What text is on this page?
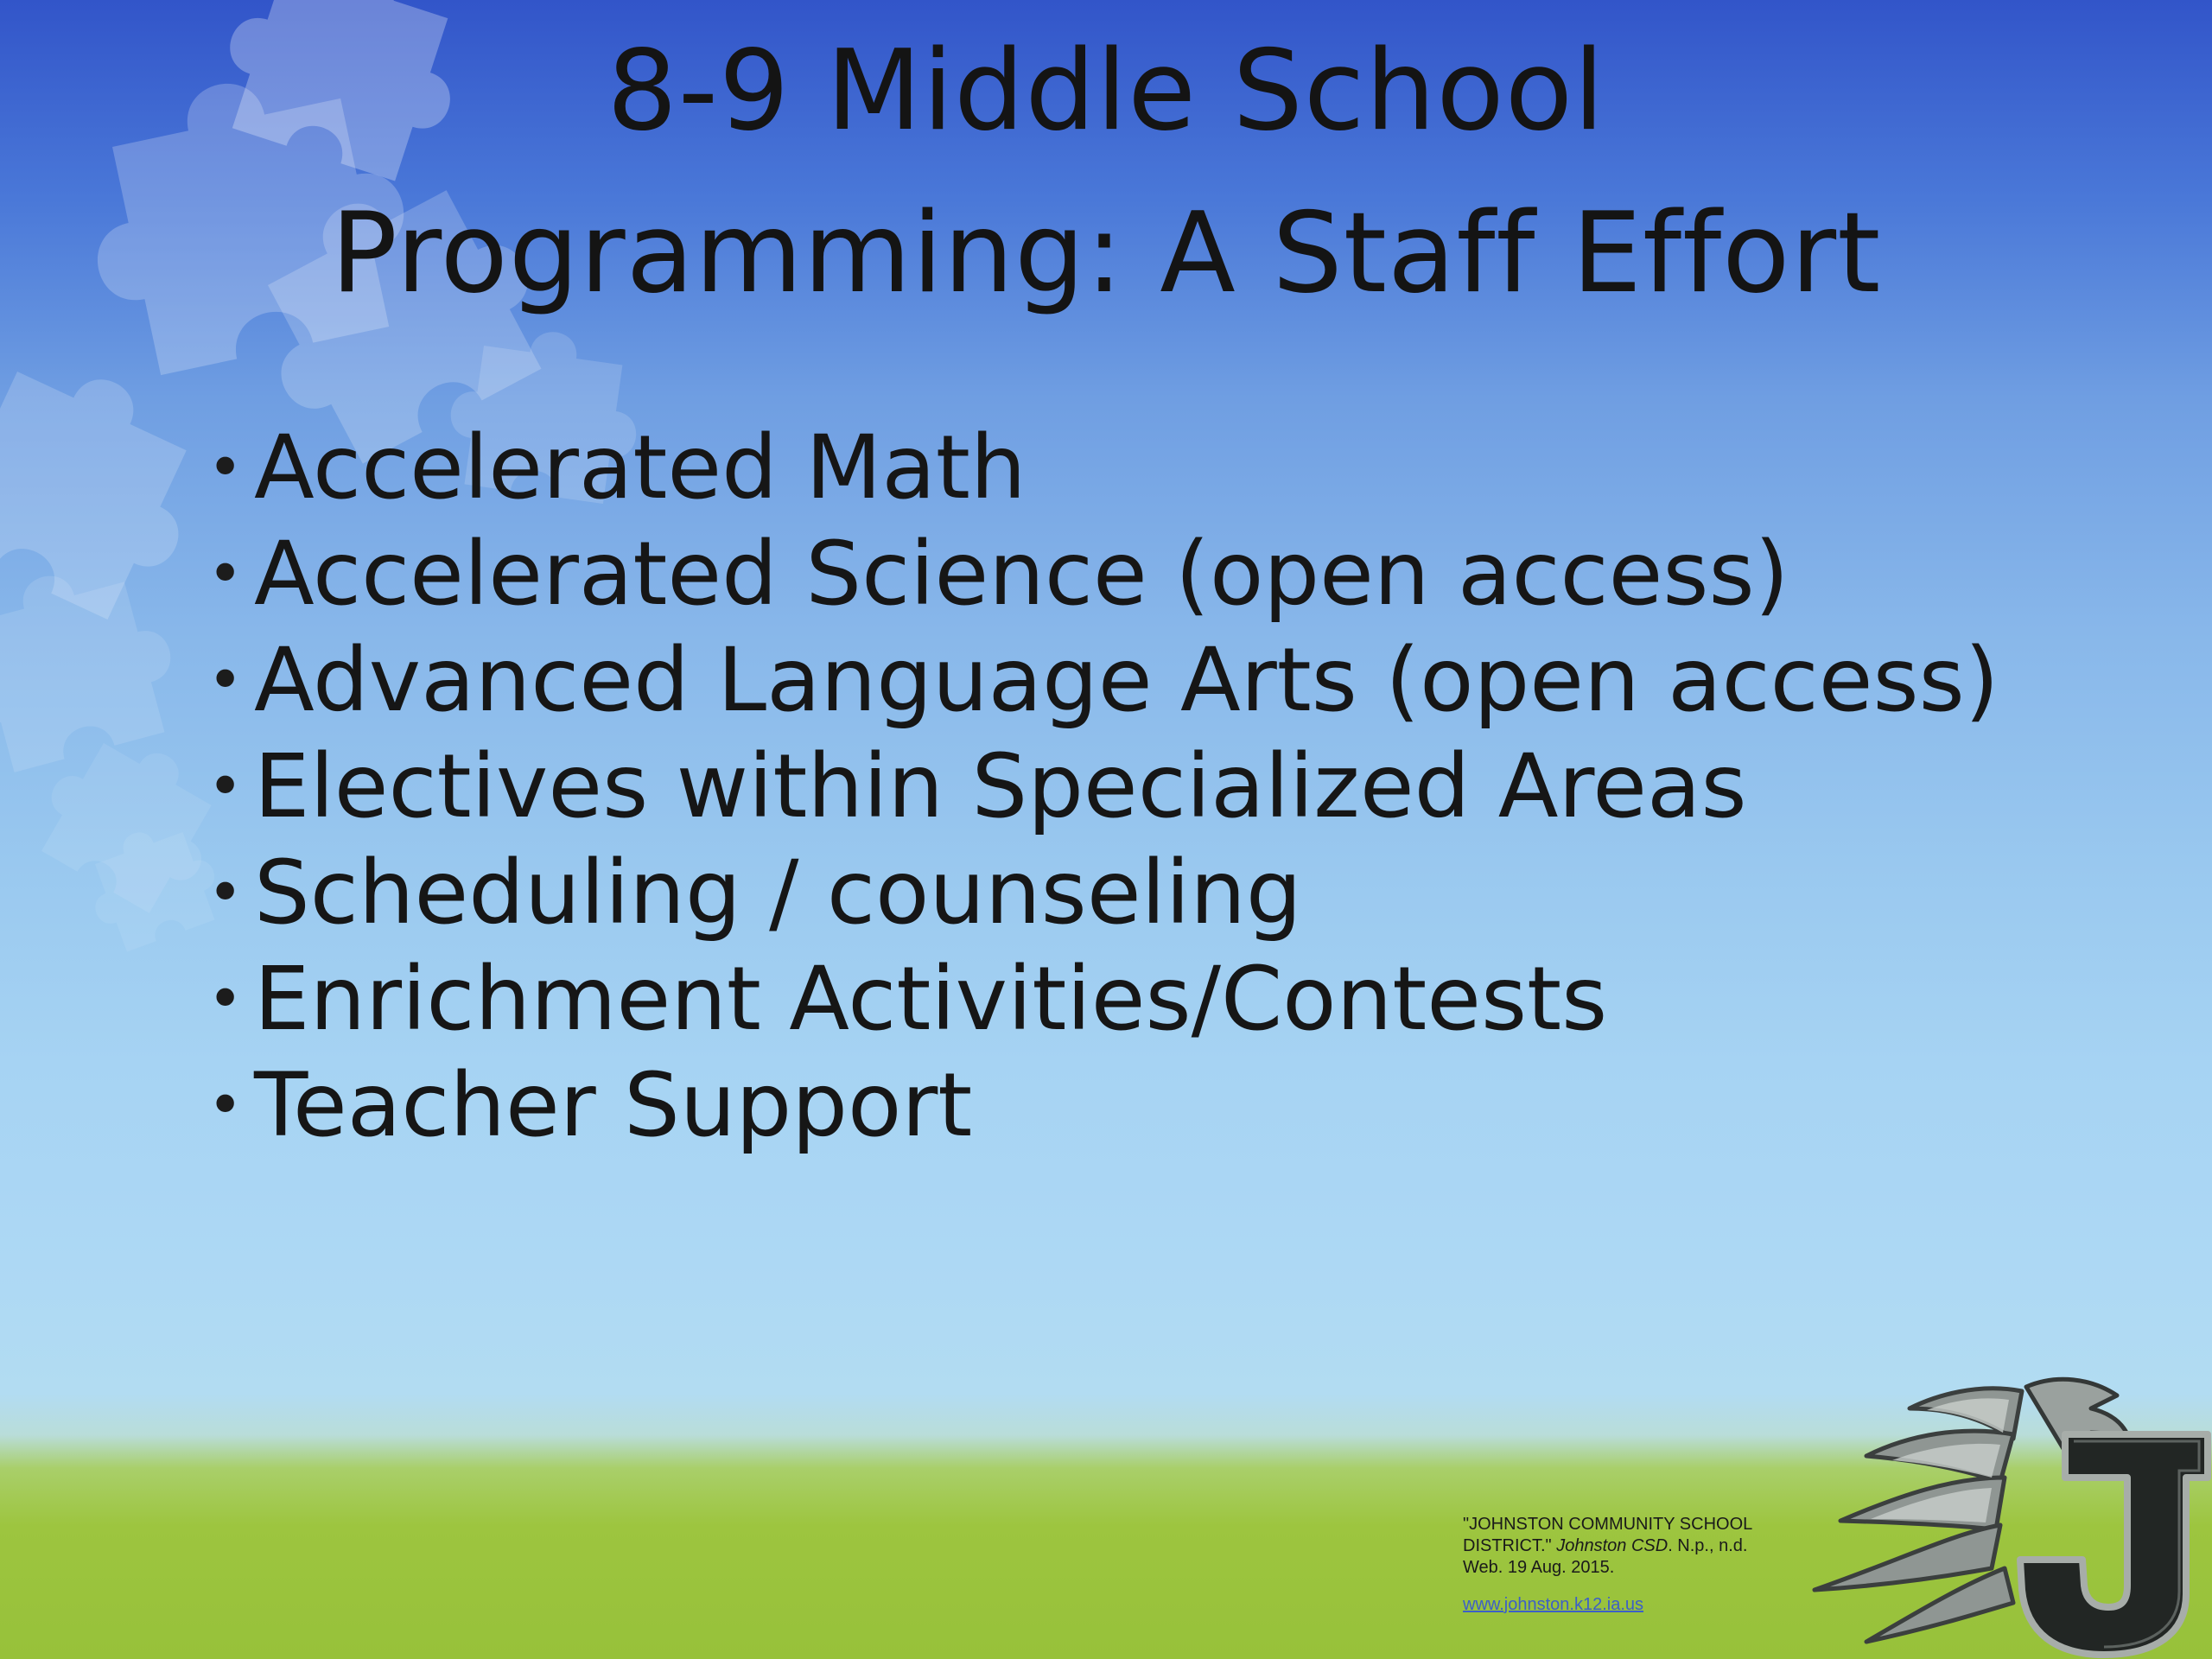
8-9 Middle School
Programming: A Staff Effort
• Accelerated Math
• Accelerated Science (open access)
• Advanced Language Arts (open access)
• Electives within Specialized Areas
• Scheduling / counseling
• Enrichment Activities/Contests
• Teacher Support
"JOHNSTON COMMUNITY SCHOOL
DISTRICT." Johnston CSD. N.p., n.d.
Web. 19 Aug. 2015.
www.johnston.k12.ia.us
